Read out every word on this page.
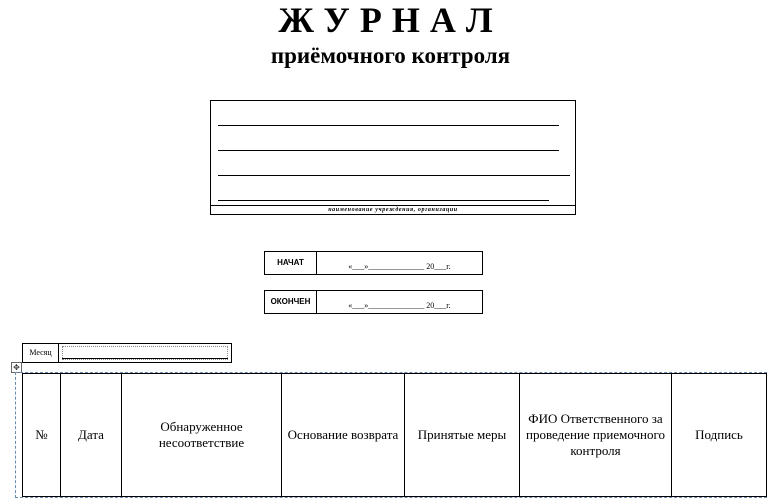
ЖУРНАЛ
приёмочного контроля
наименование учреждения, организации
НАЧАТ	«___»______________ 20___г.
ОКОНЧЕН	«___»______________ 20___г.
Месяц
✥
№	Дата	Обнаруженное несоответствие	Основание возврата	Принятые меры	ФИО Ответственного за проведение приемочного контроля	Подпись
